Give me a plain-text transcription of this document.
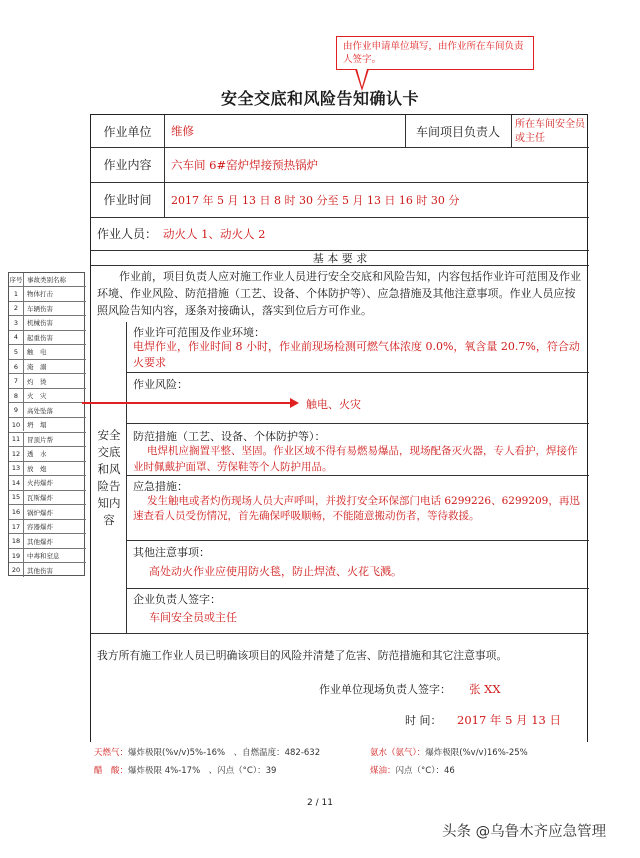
由作业申请单位填写，由作业所在车间负责人签字。
安全交底和风险告知确认卡
作业单位	维修	车间项目负责人	所在车间安全员或主任
作业内容	六车间 6#窑炉焊接预热锅炉
作业时间	2017 年 5 月 13 日 8 时 30 分至 5 月 13 日 16 时 30 分
作业人员： 动火人 1、动火人 2
基 本 要 求
作业前，项目负责人应对施工作业人员进行安全交底和风险告知，内容包括作业许可范围及作业环境、作业风险、防范措施（工艺、设备、个体防护等）、应急措施及其他注意事项。作业人员应按照风险告知内容，逐条对接确认，落实到位后方可作业。
安全交底和风险告知内容
作业许可范围及作业环境：
电焊作业，作业时间 8 小时，作业前现场检测可燃气体浓度 0.0%，氧含量 20.7%，符合动火要求
作业风险：
触电、火灾
防范措施（工艺、设备、个体防护等）：
电焊机应搁置平整、坚固。作业区域不得有易燃易爆品，现场配备灭火器，专人看护，焊接作业时佩戴护面罩、劳保鞋等个人防护用品。
应急措施：
发生触电或者灼伤现场人员大声呼叫，并拨打安全环保部门电话 6299226、6299209，再迅速查看人员受伤情况，首先确保呼吸顺畅，不能随意搬动伤者，等待救援。
其他注意事项：
高处动火作业应使用防火毯，防止焊渣、火花飞溅。
企业负责人签字：
车间安全员或主任
我方所有施工作业人员已明确该项目的风险并清楚了危害、防范措施和其它注意事项。
作业单位现场负责人签字：	张 XX
时 间：	2017 年 5 月 13 日
序号 事故类别名称
1	物体打击
2	车辆伤害
3	机械伤害
4	起重伤害
5	触　电
6	淹　溺
7	灼　烫
8	火　灾
9	高处坠落
10	坍　塌
11	冒顶片帮
12	透　水
13	放　炮
14	火药爆炸
15	瓦斯爆炸
16	锅炉爆炸
17	容器爆炸
18	其他爆炸
19	中毒和窒息
20	其他伤害
天燃气：爆炸极限(%v/v)5%-16%　、自燃温度：482-632	氨水（氨气）：爆炸极限(%v/v)16%-25%
醋　酸：爆炸极限 4%-17%　、闪点（°C）：39	煤油：闪点（°C）：46
2 / 11
头条 @乌鲁木齐应急管理
